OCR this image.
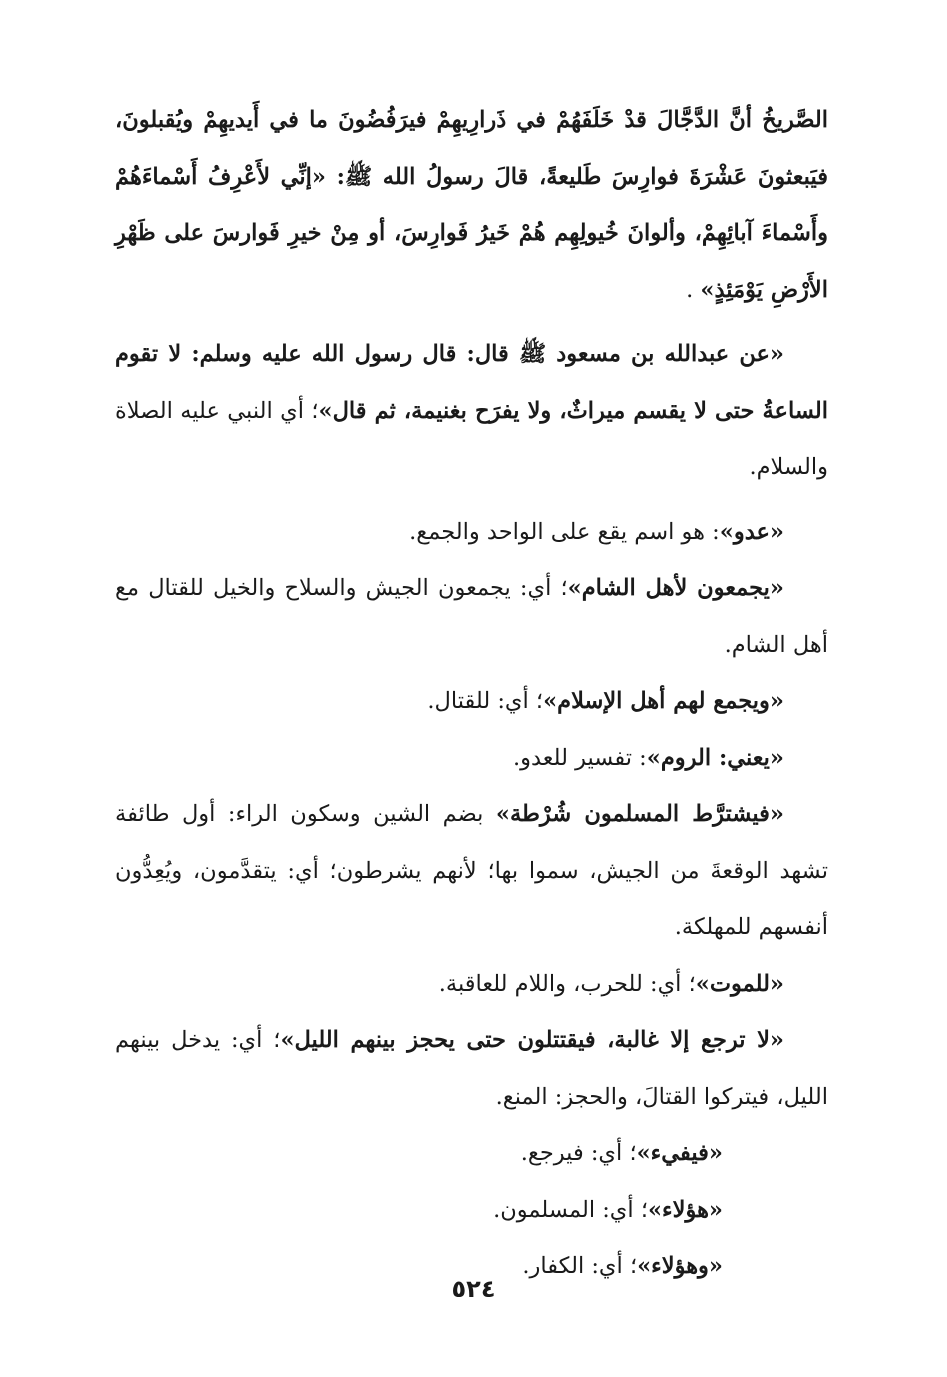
الصَّريخُ أنَّ الدَّجَّالَ قدْ خَلَفَهُمْ في ذَرارِيهِمْ فيرَفُضُونَ ما في أَيديهِمْ ويُقبلونَ، فيَبعثونَ عَشْرَةَ فوارِسَ طَليعةً، قالَ رسولُ الله ﷺ: «إنِّي لأَعْرِفُ أَسْماءَهُمْ وأَسْماءَ آبائِهِمْ، وألوانَ خُيولِهِم هُمْ خَيرُ فَوارِسَ، أو مِنْ خيرِ فَوارسَ على ظَهْرِ الأَرْضِ يَوْمَئِذٍ» .

«عن عبدالله بن مسعود ﷺ قال: قال رسول الله عليه وسلم: لا تقوم الساعةُ حتى لا يقسم ميراثٌ، ولا يفرَح بغنيمة، ثم قال»؛ أي النبي عليه الصلاة والسلام.

«عدو»: هو اسم يقع على الواحد والجمع.

«يجمعون لأهل الشام»؛ أي: يجمعون الجيش والسلاح والخيل للقتال مع أهل الشام.

«ويجمع لهم أهل الإسلام»؛ أي: للقتال.

«يعني: الروم»: تفسير للعدو.

«فيشترَّط المسلمون شُرْطة» بضم الشين وسكون الراء: أول طائفة تشهد الوقعةَ من الجيش، سموا بها؛ لأنهم يشرطون؛ أي: يتقدَّمون، ويُعِدُّون أنفسهم للمهلكة.

«للموت»؛ أي: للحرب، واللام للعاقبة.

«لا ترجع إلا غالبة، فيقتتلون حتى يحجز بينهم الليل»؛ أي: يدخل بينهم الليل، فيتركوا القتالَ، والحجز: المنع.

«فيفيء»؛ أي: فيرجع.

«هؤلاء»؛ أي: المسلمون.

«وهؤلاء»؛ أي: الكفار.

٥٢٤
